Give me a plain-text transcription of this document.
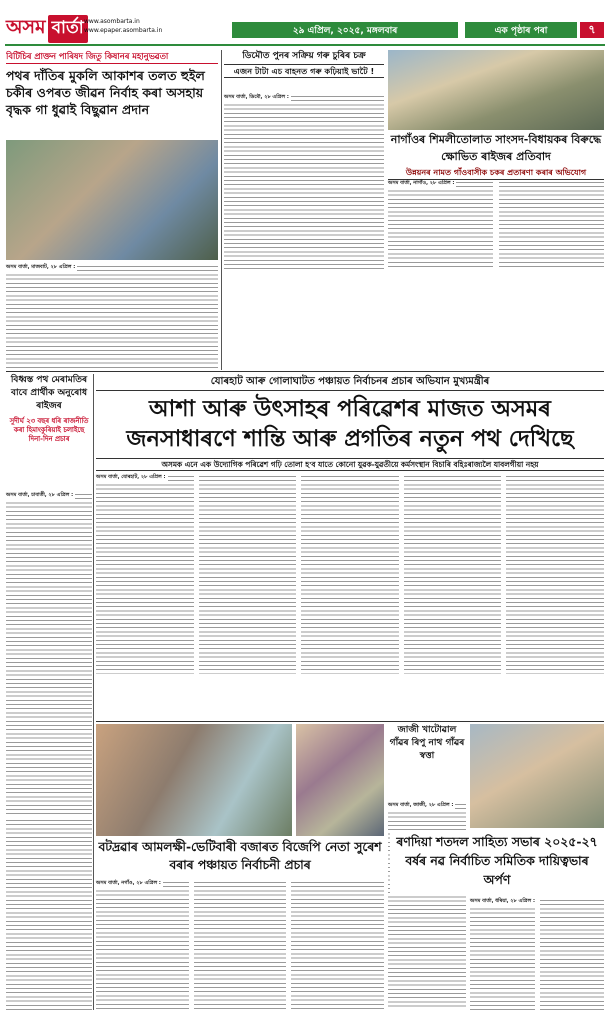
অসম বার্তা www.asombarta.in
www.epaper.asombarta.in	২৯ এপ্ৰিল, ২০২৫, মঙ্গলবাৰ	এক পৃষ্ঠাৰ পৰা	৭

বিটিচিৰ প্ৰাক্তন পাৰিষদ জিতু কিষানৰ মহানুভৱতা

পথৰ দাঁতিৰ মুকলি আকাশৰ তলত হুইল চকীৰ ওপৰত জীৱন নিৰ্বাহ কৰা অসহায় বৃদ্ধক গা ধুৱাই বিছুৱান প্ৰদান

অসম বাৰ্তা, মাজবাট, ২৮ এপ্ৰিল :

ডিমৌত পুনৰ সক্ৰিয় গৰু চুৰিৰ চক্ৰ

এজন টাটা এচ বাহনত গৰু কঢ়িয়াই ভাটৈ !

অসম বাৰ্তা, ডিমৌ, ২৮ এপ্ৰিল :

নাগাঁওৰ শিমলীতোলাত সাংসদ-বিধায়কৰ বিৰুদ্ধে ক্ষোভিত ৰাইজৰ প্ৰতিবাদ

উন্নয়নৰ নামত গাঁওবাসীক চকৰ প্ৰতাৰণা কৰাৰ অভিযোগ

অসম বাৰ্তা, নাগাঁও, ২৮ এপ্ৰিল :

বিধ্বস্ত পথ মেৰামতিৰ বাবে প্ৰাৰ্থীক অনুৰোধ ৰাইজৰ

সুদীৰ্ঘ ২৩ বছৰ ধৰি ৰাজনীতি কৰা হিমাংকুৰিয়াই চলাইছে দিনা-দিন প্ৰচাৰ

অসম বাৰ্তা, চাবাতী, ২৮ এপ্ৰিল :

যোৰহাট আৰু গোলাঘাটত পঞ্চায়ত নিৰ্বাচনৰ প্ৰচাৰ অভিযান মুখ্যমন্ত্ৰীৰ

আশা আৰু উৎসাহৰ পৰিৱেশৰ মাজত অসমৰ জনসাধাৰণে শান্তি আৰু প্ৰগতিৰ নতুন পথ দেখিছে

অসমক এনে এক উদ্যোগিক পৰিৱেশ গঢ়ি তোলা হ'ব যাতে কোনো যুৱক-যুৱতীয়ে কৰ্মসংস্থান বিচাৰি বহিঃৰাজ্যলৈ যাবলগীয়া নহয়

অসম বাৰ্তা, যোৰহাট, ২৮ এপ্ৰিল :

জাজী খাটোৱাল গাঁৱৰ ৰিপু নাথ গাঁৱৰ স্বত্তা

অসম বাৰ্তা, জাজী, ২৮ এপ্ৰিল :

ৰণদিয়া শতদল সাহিত্য সভাৰ ২০২৫-২৭ বৰ্ষৰ নৱ নিৰ্বাচিত সমিতিক দায়িত্বভাৰ অৰ্পণ

অসম বাৰ্তা, ধৰিয়া, ২৮ এপ্ৰিল :

বটদ্ৰৱাৰ আমলক্ষী-ভেটিবাৰী বজাৰত বিজেপি নেতা সুৰেশ বৰাৰ পঞ্চায়ত নিৰ্বাচনী প্ৰচাৰ

অসম বাৰ্তা, নগাঁও, ২৮ এপ্ৰিল :
